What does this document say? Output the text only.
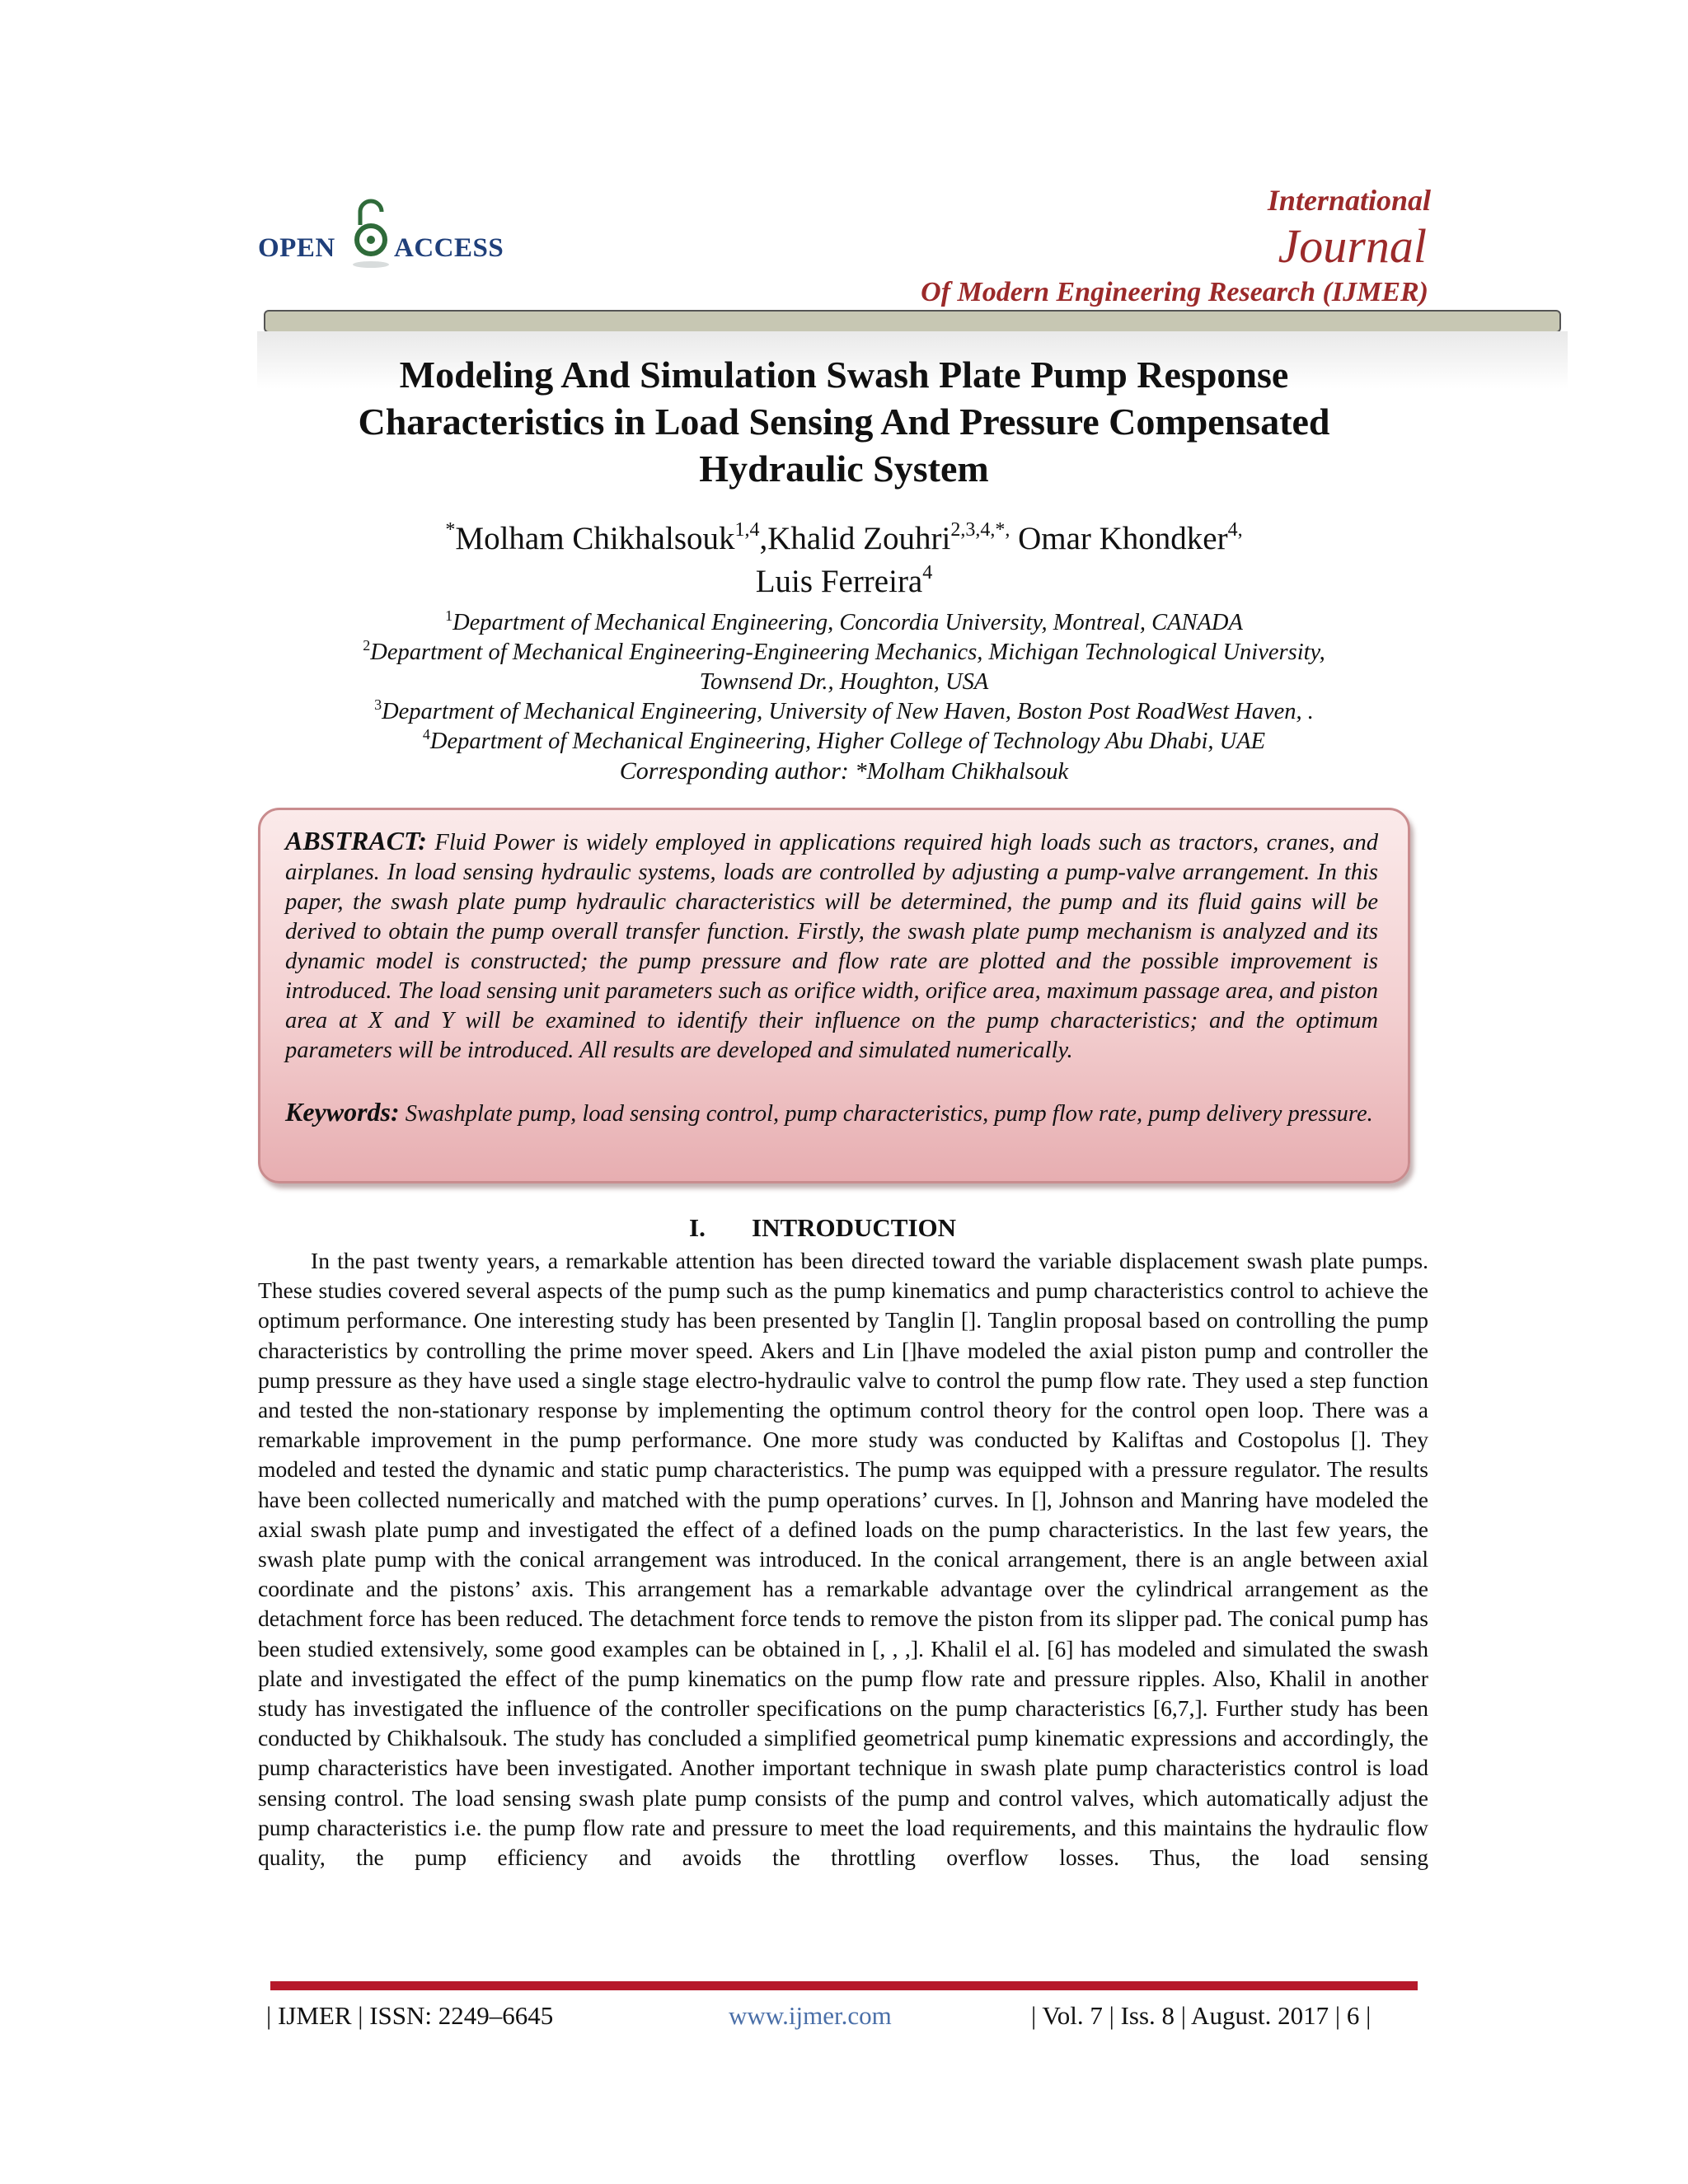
OPEN ACCESS
International
Journal
Of Modern Engineering Research (IJMER)
Modeling And Simulation Swash Plate Pump Response
Characteristics in Load Sensing And Pressure Compensated
Hydraulic System
*Molham Chikhalsouk$^{1,4}$,Khalid Zouhri$^{2,3,4,*,}$ Omar Khondker$^{4,}$
Luis Ferreira$^4$
$^1$Department of Mechanical Engineering, Concordia University, Montreal, CANADA
$^2$Department of Mechanical Engineering-Engineering Mechanics, Michigan Technological University,
Townsend Dr., Houghton, USA
$^3$Department of Mechanical Engineering, University of New Haven, Boston Post RoadWest Haven, .
$^4$Department of Mechanical Engineering, Higher College of Technology Abu Dhabi, UAE
Corresponding author: *Molham Chikhalsouk
ABSTRACT: Fluid Power is widely employed in applications required high loads such as tractors, cranes, and airplanes. In load sensing hydraulic systems, loads are controlled by adjusting a pump-valve arrangement. In this paper, the swash plate pump hydraulic characteristics will be determined, the pump and its fluid gains will be derived to obtain the pump overall transfer function. Firstly, the swash plate pump mechanism is analyzed and its dynamic model is constructed; the pump pressure and flow rate are plotted and the possible improvement is introduced. The load sensing unit parameters such as orifice width, orifice area, maximum passage area, and piston area at X and Y will be examined to identify their influence on the pump characteristics; and the optimum parameters will be introduced. All results are developed and simulated numerically.
Keywords: Swashplate pump, load sensing control, pump characteristics, pump flow rate, pump delivery pressure.
I. INTRODUCTION

In the past twenty years, a remarkable attention has been directed toward the variable displacement swash plate pumps. These studies covered several aspects of the pump such as the pump kinematics and pump characteristics control to achieve the optimum performance. One interesting study has been presented by Tanglin []. Tanglin proposal based on controlling the pump characteristics by controlling the prime mover speed. Akers and Lin []have modeled the axial piston pump and controller the pump pressure as they have used a single stage electro-hydraulic valve to control the pump flow rate. They used a step function and tested the non-stationary response by implementing the optimum control theory for the control open loop. There was a remarkable improvement in the pump performance. One more study was conducted by Kaliftas and Costopolus []. They modeled and tested the dynamic and static pump characteristics. The pump was equipped with a pressure regulator. The results have been collected numerically and matched with the pump operations’ curves. In [], Johnson and Manring have modeled the axial swash plate pump and investigated the effect of a defined loads on the pump characteristics. In the last few years, the swash plate pump with the conical arrangement was introduced. In the conical arrangement, there is an angle between axial coordinate and the pistons’ axis. This arrangement has a remarkable advantage over the cylindrical arrangement as the detachment force has been reduced. The detachment force tends to remove the piston from its slipper pad. The conical pump has been studied extensively, some good examples can be obtained in [, , ,]. Khalil el al. [6] has modeled and simulated the swash plate and investigated the effect of the pump kinematics on the pump flow rate and pressure ripples. Also, Khalil in another study has investigated the influence of the controller specifications on the pump characteristics [6,7,]. Further study has been conducted by Chikhalsouk. The study has concluded a simplified geometrical pump kinematic expressions and accordingly, the pump characteristics have been investigated. Another important technique in swash plate pump characteristics control is load sensing control. The load sensing swash plate pump consists of the pump and control valves, which automatically adjust the pump characteristics i.e. the pump flow rate and pressure to meet the load requirements, and this maintains the hydraulic flow quality, the pump efficiency and avoids the throttling overflow losses. Thus, the load sensing

| IJMER | ISSN: 2249–6645	www.ijmer.com	| Vol. 7 | Iss. 8 | August. 2017 | 6 |
